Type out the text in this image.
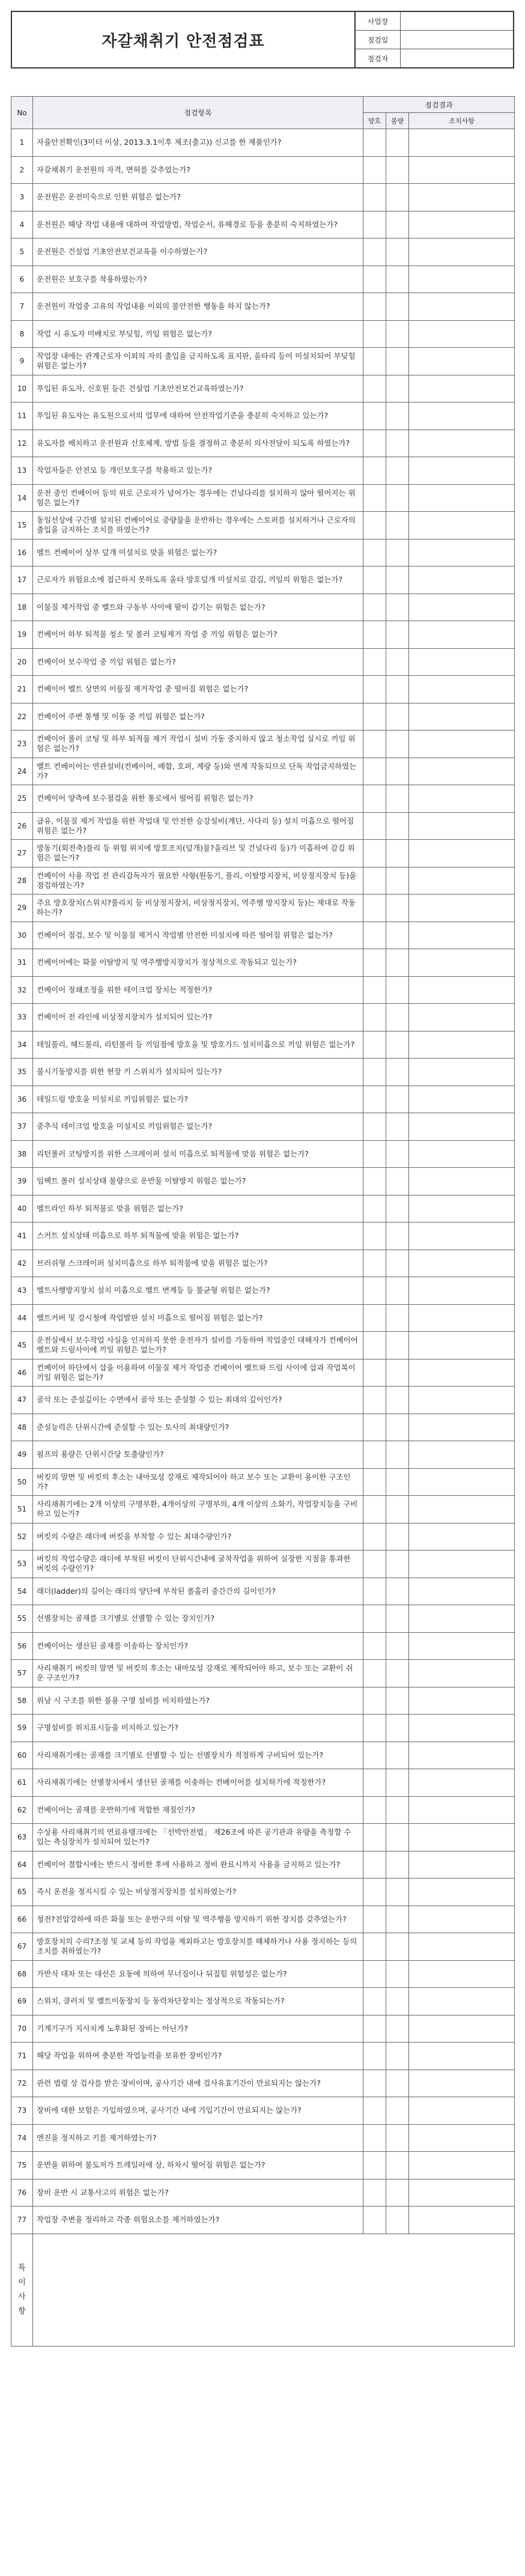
자갈채취기 안전점검표
사업장
점검일
점검자
No	점검항목	점검결과		
		양호	불량	조치사항
1	자율안전확인(3미터 이상, 2013.3.1이후 제조(출고)) 신고를 한 제품인가?			
2	자갈채취기 운전원의 자격, 면허를 갖추었는가?			
3	운전원은 운전미숙으로 인한 위험은 없는가?			
4	운전원은 해당 작업 내용에 대하여 작업방법, 작업순서, 유해경로 등을 충분히 숙지하였는가?			
5	운전원은 건설업 기초안전보건교육을 이수하였는가?			
6	운전원은 보호구를 착용하였는가?			
7	운전원이 작업중 고유의 작업내용 이외의 불안전한 행동을 하지 않는가?			
8	작업 시 유도자 미배치로 부딪힘, 끼임 위험은 없는가?			
9	작업장 내에는 관계근로자 이외의 자의 출입을 금지하도록 표지판, 울타리 등이 미설치되어 부딪힘 위험은 없는가?			
10	투입된 유도자, 신호원 등은 건설업 기초안전보건교육하였는가?			
11	투입된 유도자는 유도원으로서의 업무에 대하여 안전작업기준을 충분히 숙지하고 있는가?			
12	유도자를 배치하고 운전원과 신호체계, 방법 등을 결정하고 충분히 의사전달이 되도록 하였는가?			
13	작업자들은 안전모 등 개인보호구를 착용하고 있는가?			
14	운전 중인 컨베이어 등의 위로 근로자가 넘어가는 경우에는 건널다리를 설치하지 않아 떨어지는 위험은 없는가?			
15	동일선상에 구간별 설치된 컨베이어로 중량물을 운반하는 경우에는 스토퍼를 설치하거나 근로자의 출입을 금지하는 조치를 하였는가?			
16	벨트 컨베이어 상부 덮개 미설치로 맞을 위험은 없는가?			
17	근로자가 위험요소에 접근하지 못하도록 울타 방호덮개 미설치로 감김, 끼임의 위험은 없는가?			
18	이물질 제거작업 중 벨트와 구동부 사이에 팔이 감기는 위험은 없는가?			
19	컨베이어 하부 퇴적물 청소 및 롤러 코팅제거 작업 중 끼임 위험은 없는가?			
20	컨베이어 보수작업 중 끼임 위험은 없는가?			
21	컨베이어 벨트 상면의 이물질 제거작업 중 떨어짐 위험은 없는가?			
22	컨베이어 주변 통행 및 이동 중 끼임 위험은 없는가?			
23	컨베이어 롤러 코팅 및 하부 퇴적물 제거 작업시 설비 가동 중지하지 않고 청소작업 실시로 끼임 위험은 없는가?			
24	벨트 컨베이어는 연관설비(컨베이어, 배합, 호퍼, 계량 등)와 연계 작동되므로 단독 작업금지하였는가?			
25	컨베이어 양측에 보수점검을 위한 통로에서 떨어짐 위험은 없는가?			
26	급유, 이물질 제거 작업을 위한 작업대 및 안전한 승강설비(계단, 사다리 등) 설치 미흡으로 떨어짐 위험은 없는가?			
27	방동기(회전축)풀리 등 위험 위치에 방호조치(덮개)물?울리브 및 건널다리 등)가 미흡하여 감김 위험은 없는가?			
28	컨베이어 사용 작업 전 관리감독자가 필요한 사항(원동기, 풀리, 이탈방지장치, 비상정지장치 등)을 점검하였는가?			
29	주요 방호장치(스위치?풀리치 등 비상정지장치, 비상정지장치, 역주행 방지장치 등)는 제대로 작동하는가?			
30	컨베이어 점검, 보수 및 이물질 제거시 작업별 안전한 미설치에 따른 떨어짐 위험은 없는가?			
31	컨베이어에는 화물 이탈방지 및 역주행방지장치가 정상적으로 작동되고 있는가?			
32	컨베이어 정쇄조정을 위한 테이크업 장치는 적정한가?			
33	컨베이어 전 라인에 비상정지장치가 설치되어 있는가?			
34	테일풀리, 헤드풀리, 리턴롤러 등 끼임점에 방호울 및 방호가드 설치미흡으로 끼임 위험은 없는가?			
35	불시기동방지를 위한 현장 키 스위치가 설치되어 있는가?			
36	테일드럼 방호울 미설치로 끼임위험은 없는가?			
37	중추식 테이크업 방호울 미설치로 끼임위험은 없는가?			
38	리턴롤러 코팅방지를 위한 스크레이퍼 설치 미흡으로 퇴적물에 맞음 위험은 없는가?			
39	임팩트 롤러 설치상태 불량으로 운반물 이탈방지 위험은 없는가?			
40	벨트라인 하부 퇴적물로 맞을 위험은 없는가?			
41	스커트 설치상태 미흡으로 하부 퇴적물에 맞을 위험은 없는가?			
42	브러쉬형 스크레이퍼 설치미흡으로 하부 퇴적물에 맞을 위험은 없는가?			
43	벨트사행방지장치 설치 미흡으로 벨트 변계등 등 불균형 위험은 없는가?			
44	벨트커버 및 강시청에 작업발판 설치 미흡으로 떨어짐 위험은 없는가?			
45	운전실에서 보수작업 사실을 인지하지 못한 운전자가 설비를 가동하여 작업중인 대해자가 컨베이어 벨트와 드럼사이에 끼일 위험은 없는가?			
46	컨베이어 하단에서 삽을 이용하여 이물질 제거 작업중 컨베이어 벨트와 드럼 사이에 삽과 작업복이 끼일 위험은 없는가?			
47	골삭 또는 준설깊이는 수면에서 골삭 또는 준설할 수 있는 최대의 깊이인가?			
48	준설능력은 단위시간에 준설할 수 있는 토사의 최대량인가?			
49	펌프의 용량은 단위시간당 토출량인가?			
50	버킷의 말면 및 버킷의 후소는 내마모성 강재로 제작되어야 하고 보수 또는 교환이 용이한 구조인가?			
51	사리채취기에는 2개 이상의 구명부환, 4개이상의 구명부의, 4개 이상의 소화기, 작업장치등을 구비하고 있는가?			
52	버킷의 수량은 래더에 버킷을 부착할 수 있는 최대수량인가?			
53	버킷의 작업수량은 래더에 부착된 버킷이 단위시간내에 굴착작업을 위하여 실장한 지점을 통과한 버킷의 수량인가?			
54	래더(ladder)의 길이는 래더의 양단에 부착된 롤홀러 중간간의 길이인가?			
55	선별장치는 골재를 크기별로 선별할 수 있는 장치인가?			
56	컨베이어는 생산된 골재를 이송하는 장치인가?			
57	사리채취기 버킷의 말면 및 버킷의 후소는 내마모성 강재로 제작되어야 하고, 보수 또는 교환이 쉬운 구조인가?			
58	위낭 시 구조를 위한 불용 구명 설비를 비치하였는가?			
59	구명설비를 위치표시등을 비치하고 있는가?			
60	사리채취기에는 골재를 크기별로 선별할 수 있는 선별장치가 적정하게 구비되어 있는가?			
61	사리채취기에는 선별장치에서 생산된 골재를 이송하는 컨베이어를 설치하기에 적정한가?			
62	컨베이어는 골재를 운반하기에 적합한 재질인가?			
63	수상용 사리채취기의 연료유탱크에는 「선박안전법」 제26조에 따른 공기관과 유량을 측정할 수 있는 측심장치가 설치되어 있는가?			
64	컨베이어 결합시에는 반드시 정비한 후에 사용하고 정비 완료시까지 사용을 금지하고 있는가?			
65	즉시 운전을 정지시킬 수 있는 비상정지장치를 설치하였는가?			
66	청전?전압강하에 따른 화물 또는 운반구의 이탈 및 역주행을 방지하기 위한 장치를 갖추었는가?			
67	방호장치의 수리?조정 및 교체 등의 작업을 제외하고는 방호장치를 해체하거나 사용 정지하는 등의 조치를 취하였는가?			
68	가반식 대차 또는 대선은 요동에 의하여 무너짐이나 뒤집힘 위험성은 없는가?			
69	스위치, 클러치 및 벨트이동장치 등 동력차단장치는 정상적으로 작동되는가?			
70	기계기구가 지시치게 노후화된 장비는 아닌가?			
71	해당 작업을 위하여 충분한 작업능력을 보유한 장비인가?			
72	관련 법령 상 검사를 받은 장비이며, 공사기간 내에 검사유효기간이 만료되지는 않는가?			
73	장비에 대한 보험은 가입하였으며, 공사기간 내에 가입기간이 만료되지는 않는가?			
74	엔진을 정지하고 키를 제거하였는가?			
75	운반을 위하여 불도저가 트레일러에 상, 하차시 떨어짐 위험은 없는가?			
76	장비 운반 시 교통사고의 위험은 없는가?			
77	작업장 주변을 정리하고 각종 위험요소를 제거하였는가?			

특
이
사
항				
